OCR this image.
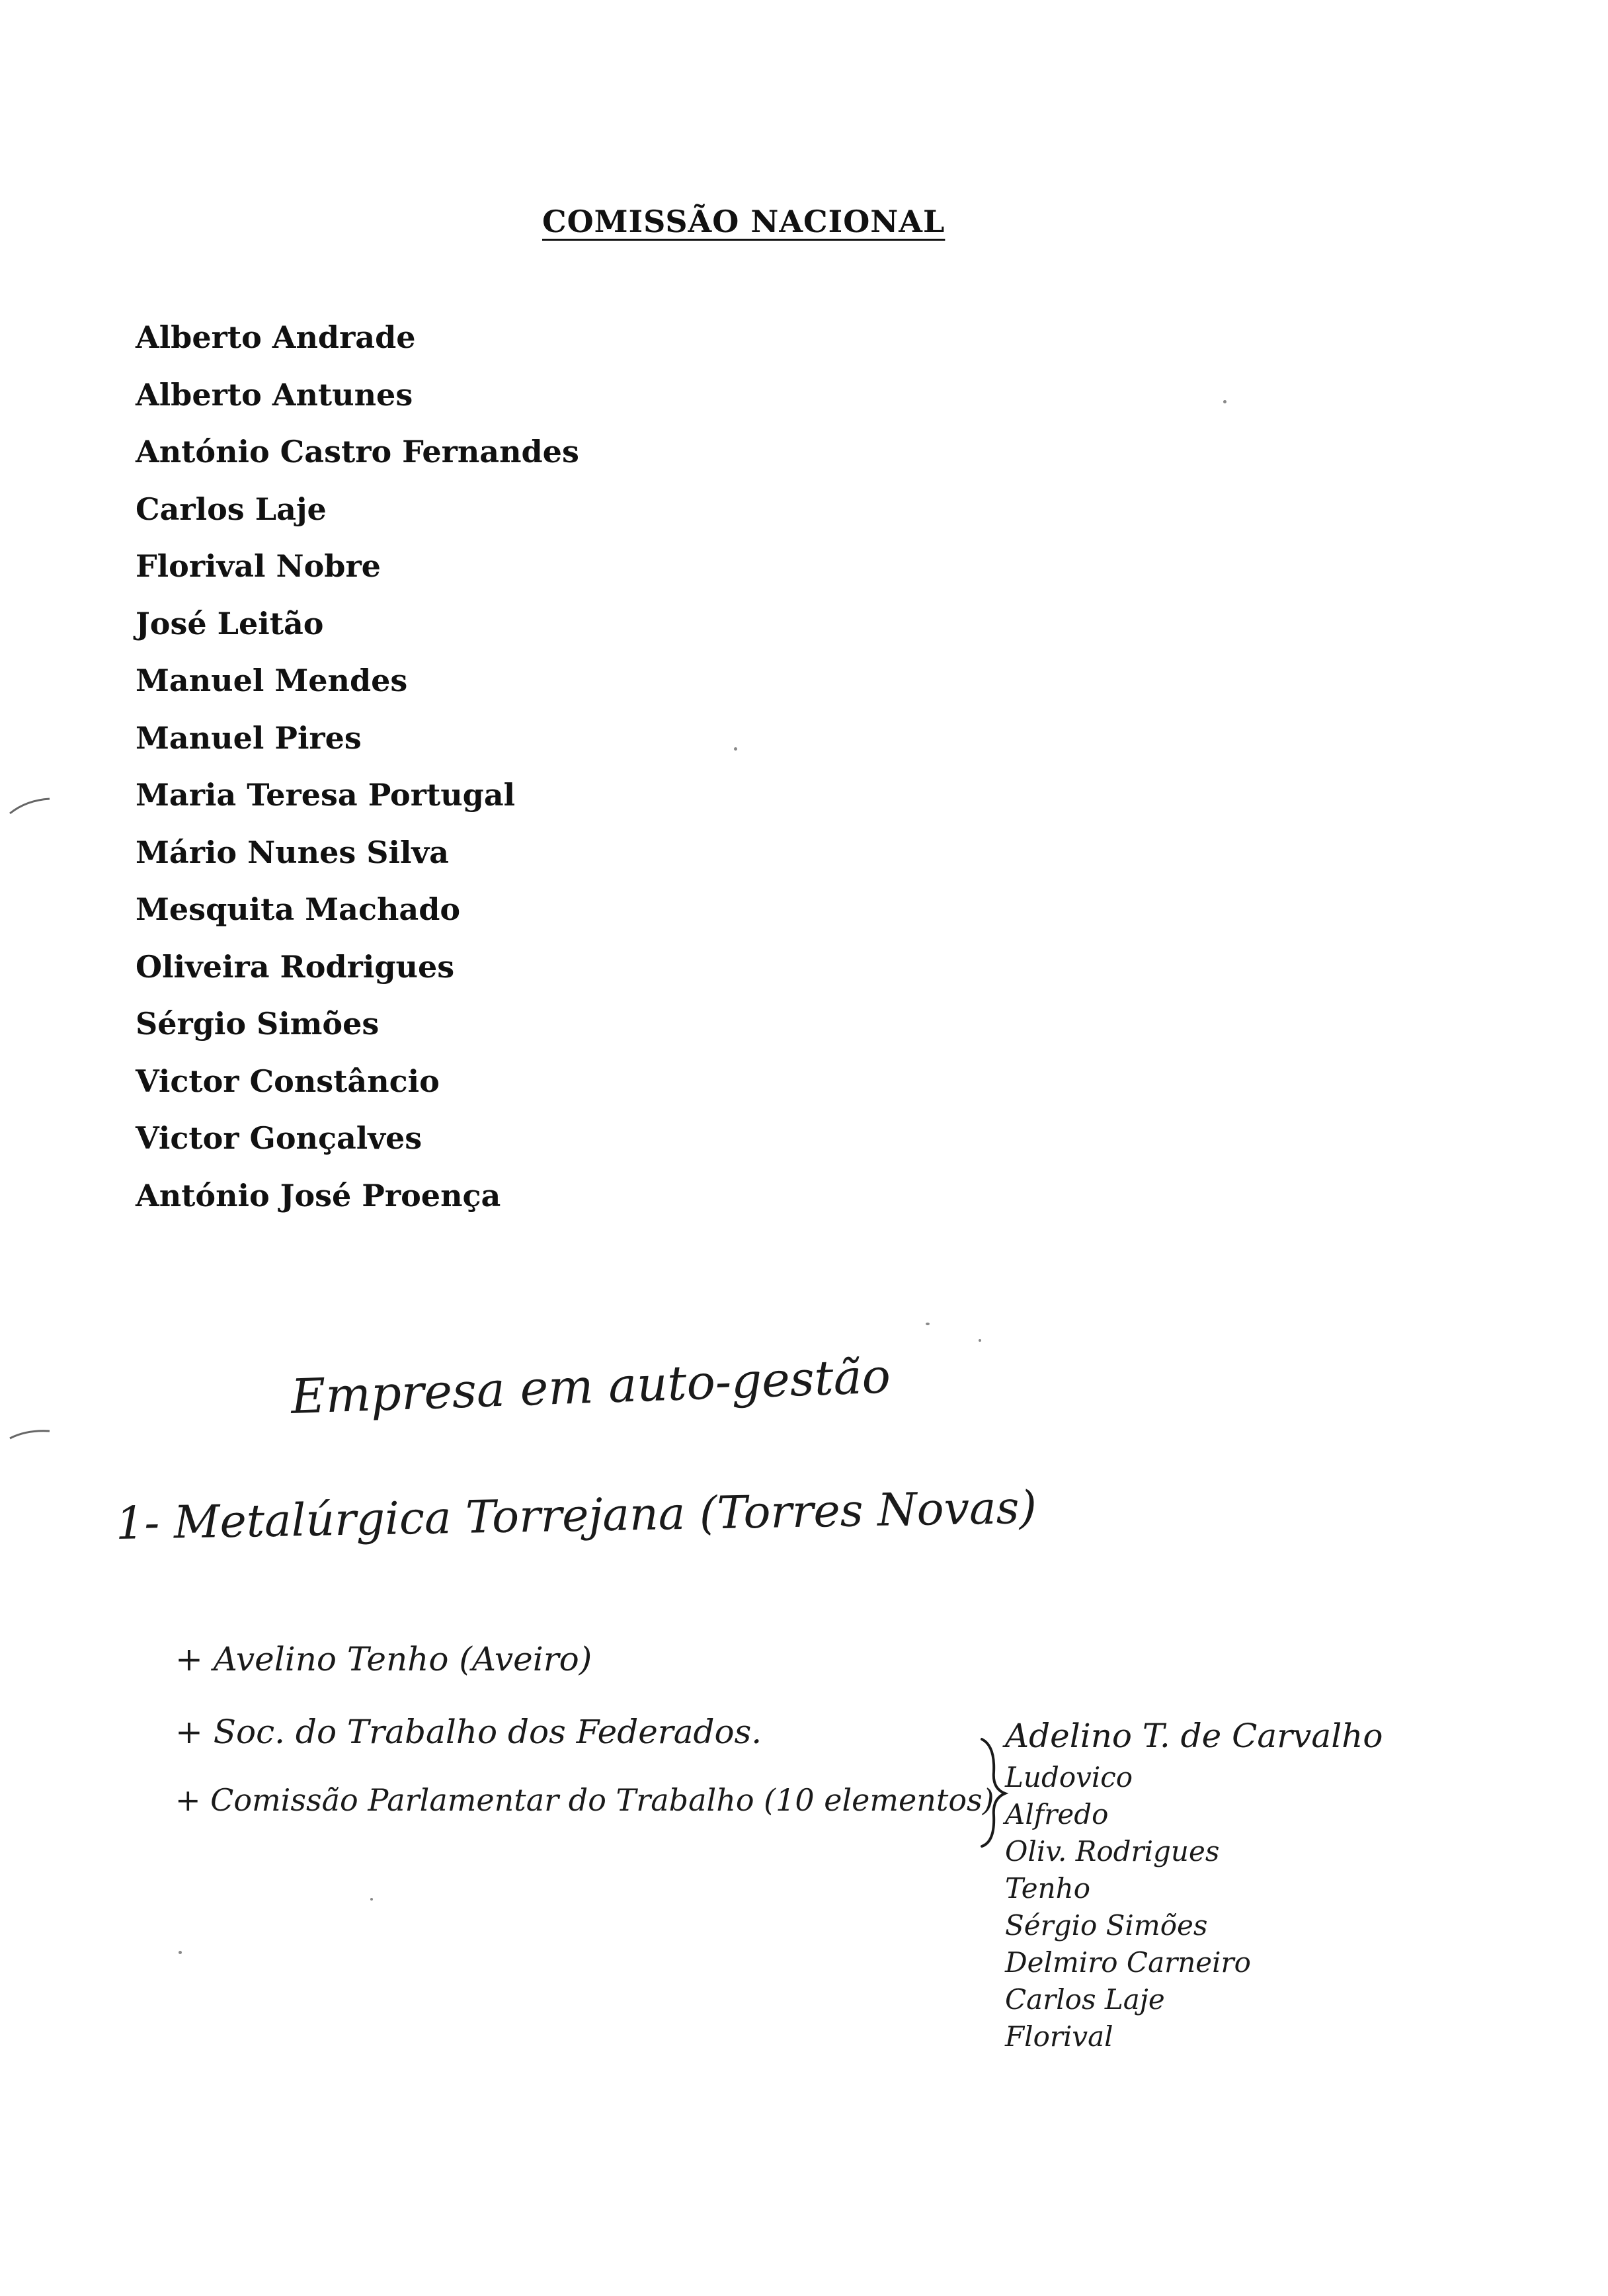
COMISSÃO NACIONAL
Alberto Andrade
Alberto Antunes
António Castro Fernandes
Carlos Laje
Florival Nobre
José Leitão
Manuel Mendes
Manuel Pires
Maria Teresa Portugal
Mário Nunes Silva
Mesquita Machado
Oliveira Rodrigues
Sérgio Simões
Victor Constâncio
Victor Gonçalves
António José Proença
Empresa em auto-gestão
1- Metalúrgica Torrejana (Torres Novas)
+ Avelino Tenho (Aveiro)
+ Soc. do Trabalho dos Federados.
+ Comissão Parlamentar do Trabalho (10 elementos)
Adelino T. de Carvalho
Ludovico
Alfredo
Oliv. Rodrigues
Tenho
Sérgio Simões
Delmiro Carneiro
Carlos Laje
Florival
